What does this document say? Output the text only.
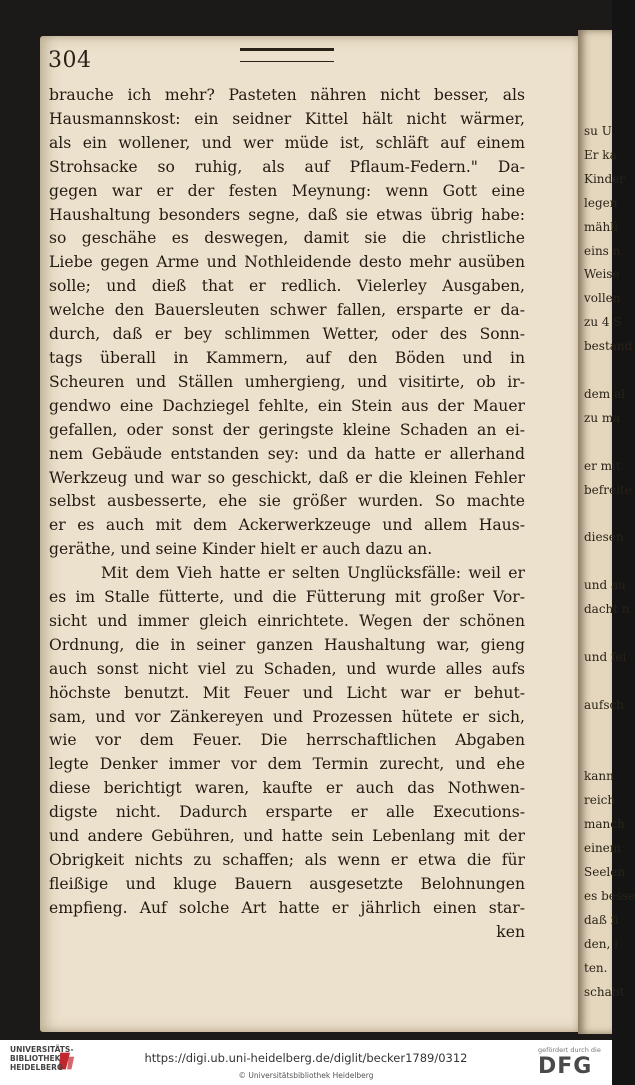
su U
Er ka
Kinder
legen
mähli
eins n
Weise
vollen
zu 4 S
bestand

dem al
zu ma

er mit
befreite

diesen

und au
dacht n

und fei

aufsch

kann
reich
manch
einem
Seelen
es besse
daß fi
den, i
ten.
schabt
304
brauche ich mehr? Pasteten nähren nicht besser, als
Hausmannskost: ein seidner Kittel hält nicht wärmer,
als ein wollener, und wer müde ist, schläft auf einem
Strohsacke so ruhig, als auf Pflaum-Federn." Da-
gegen war er der festen Meynung: wenn Gott eine
Haushaltung besonders segne, daß sie etwas übrig habe:
so geschähe es deswegen, damit sie die christliche
Liebe gegen Arme und Nothleidende desto mehr ausüben
solle; und dieß that er redlich. Vielerley Ausgaben,
welche den Bauersleuten schwer fallen, ersparte er da-
durch, daß er bey schlimmen Wetter, oder des Sonn-
tags überall in Kammern, auf den Böden und in
Scheuren und Ställen umhergieng, und visitirte, ob ir-
gendwo eine Dachziegel fehlte, ein Stein aus der Mauer
gefallen, oder sonst der geringste kleine Schaden an ei-
nem Gebäude entstanden sey: und da hatte er allerhand
Werkzeug und war so geschickt, daß er die kleinen Fehler
selbst ausbesserte, ehe sie größer wurden. So machte
er es auch mit dem Ackerwerkzeuge und allem Haus-
geräthe, und seine Kinder hielt er auch dazu an.
Mit dem Vieh hatte er selten Unglücksfälle: weil er
es im Stalle fütterte, und die Fütterung mit großer Vor-
sicht und immer gleich einrichtete. Wegen der schönen
Ordnung, die in seiner ganzen Haushaltung war, gieng
auch sonst nicht viel zu Schaden, und wurde alles aufs
höchste benutzt. Mit Feuer und Licht war er behut-
sam, und vor Zänkereyen und Prozessen hütete er sich,
wie vor dem Feuer. Die herrschaftlichen Abgaben
legte Denker immer vor dem Termin zurecht, und ehe
diese berichtigt waren, kaufte er auch das Nothwen-
digste nicht. Dadurch ersparte er alle Executions-
und andere Gebühren, und hatte sein Lebenlang mit der
Obrigkeit nichts zu schaffen; als wenn er etwa die für
fleißige und kluge Bauern ausgesetzte Belohnungen
empfieng. Auf solche Art hatte er jährlich einen star-
ken
UNIVERSITÄTS-BIBLIOTHEK HEIDELBERG
https://digi.ub.uni-heidelberg.de/diglit/becker1789/0312
© Universitätsbibliothek Heidelberg
gefördert durch die
DFG
